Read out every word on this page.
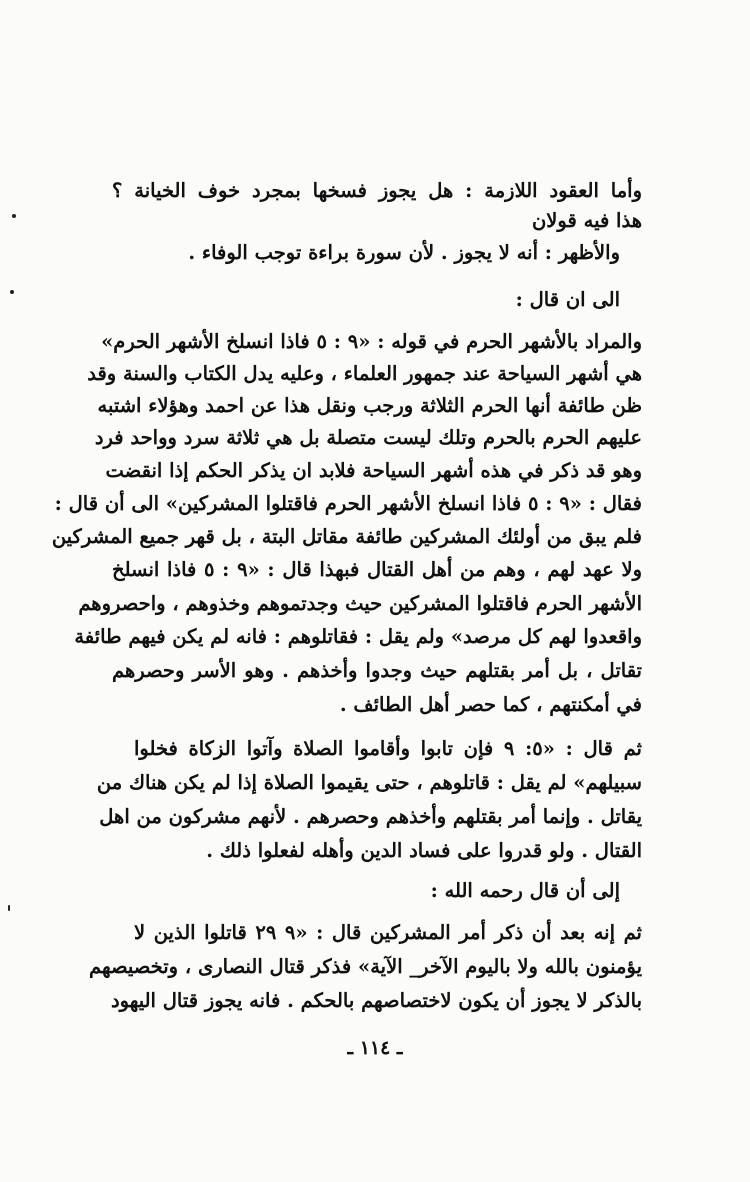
وأما العقود اللازمة : هل يجوز فسخها بمجرد خوف الخيانة ؟
هذا فيه قولان
والأظهر : أنه لا يجوز . لأن سورة براءة توجب الوفاء .
الى ان قال :
والمراد بالأشهر الحرم في قوله : «٩ : ٥ فاذا انسلخ الأشهر الحرم»
هي أشهر السياحة عند جمهور العلماء ، وعليه يدل الكتاب والسنة وقد
ظن طائفة أنها الحرم الثلاثة ورجب ونقل هذا عن احمد وهؤلاء اشتبه
عليهم الحرم بالحرم وتلك ليست متصلة بل هي ثلاثة سرد وواحد فرد
وهو قد ذكر في هذه أشهر السياحة فلابد ان يذكر الحكم إذا انقضت
فقال : «٩ : ٥ فاذا انسلخ الأشهر الحرم فاقتلوا المشركين» الى أن قال :
فلم يبق من أولئك المشركين طائفة مقاتل البتة ، بل قهر جميع المشركين
ولا عهد لهم ، وهم من أهل القتال فبهذا قال : «٩ : ٥ فاذا انسلخ
الأشهر الحرم فاقتلوا المشركين حيث وجدتموهم وخذوهم ، واحصروهم
واقعدوا لهم كل مرصد» ولم يقل : فقاتلوهم : فانه لم يكن فيهم طائفة
تقاتل ، بل أمر بقتلهم حيث وجدوا وأخذهم . وهو الأسر وحصرهم
في أمكنتهم ، كما حصر أهل الطائف .
ثم قال : «٥: ٩ فإن تابوا وأقاموا الصلاة وآتوا الزكاة فخلوا
سبيلهم» لم يقل : قاتلوهم ، حتى يقيموا الصلاة إذا لم يكن هناك من
يقاتل . وإنما أمر بقتلهم وأخذهم وحصرهم . لأنهم مشركون من اهل
القتال . ولو قدروا على فساد الدين وأهله لفعلوا ذلك .
إلى أن قال رحمه الله :
ثم إنه بعد أن ذكر أمر المشركين قال : «٩ ٢٩ قاتلوا الذين لا
يؤمنون بالله ولا باليوم الآخر_ الآية» فذكر قتال النصارى ، وتخصيصهم
بالذكر لا يجوز أن يكون لاختصاصهم بالحكم . فانه يجوز قتال اليهود
ـ ١١٤ ـ
